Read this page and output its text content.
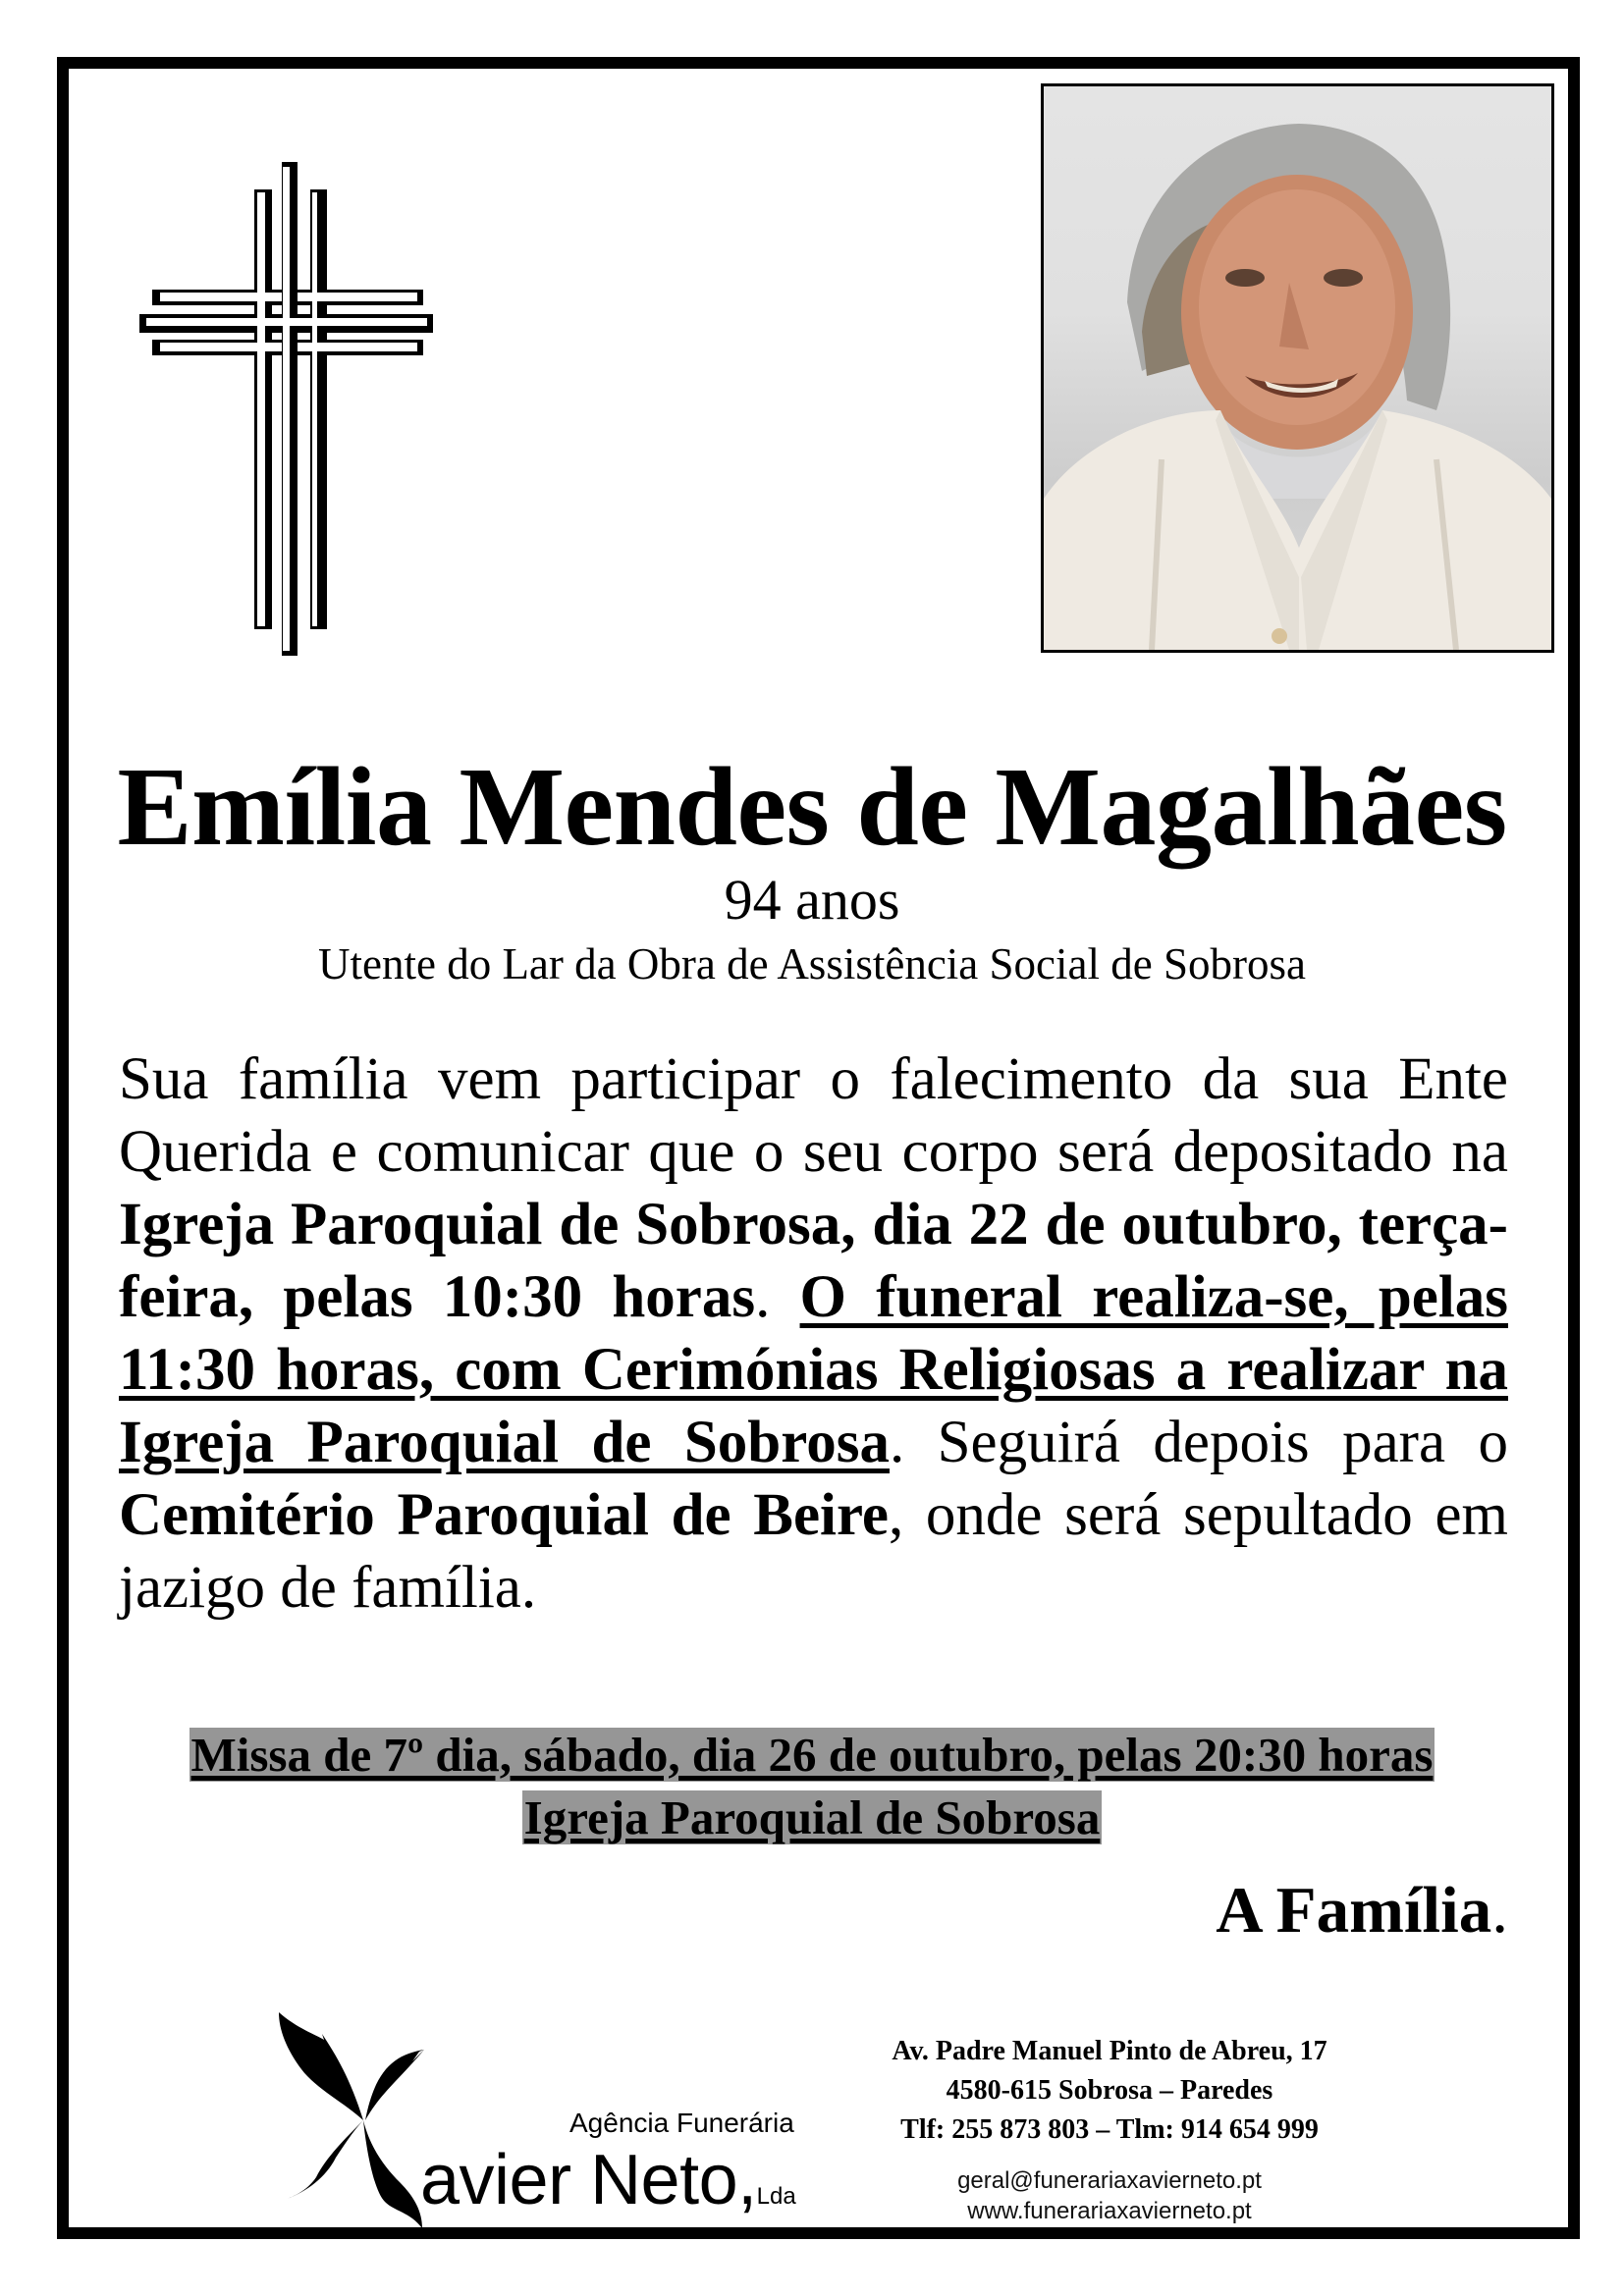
Emília Mendes de Magalhães
94 anos
Utente do Lar da Obra de Assistência Social de Sobrosa
Sua família vem participar o falecimento da sua Ente Querida e comunicar que o seu corpo será depositado na Igreja Paroquial de Sobrosa, dia 22 de outubro, terça-feira, pelas 10:30 horas. O funeral realiza-se, pelas 11:30 horas, com Cerimónias Religiosas a realizar na Igreja Paroquial de Sobrosa. Seguirá depois para o Cemitério Paroquial de Beire, onde será sepultado em jazigo de família.
Missa de 7º dia, sábado, dia 26 de outubro, pelas 20:30 horas
Igreja Paroquial de Sobrosa
A Família.
Agência Funerária
avier Neto,Lda
Av. Padre Manuel Pinto de Abreu, 17
4580-615 Sobrosa – Paredes
Tlf: 255 873 803 – Tlm: 914 654 999
geral@funerariaxavierneto.pt
www.funerariaxavierneto.pt
